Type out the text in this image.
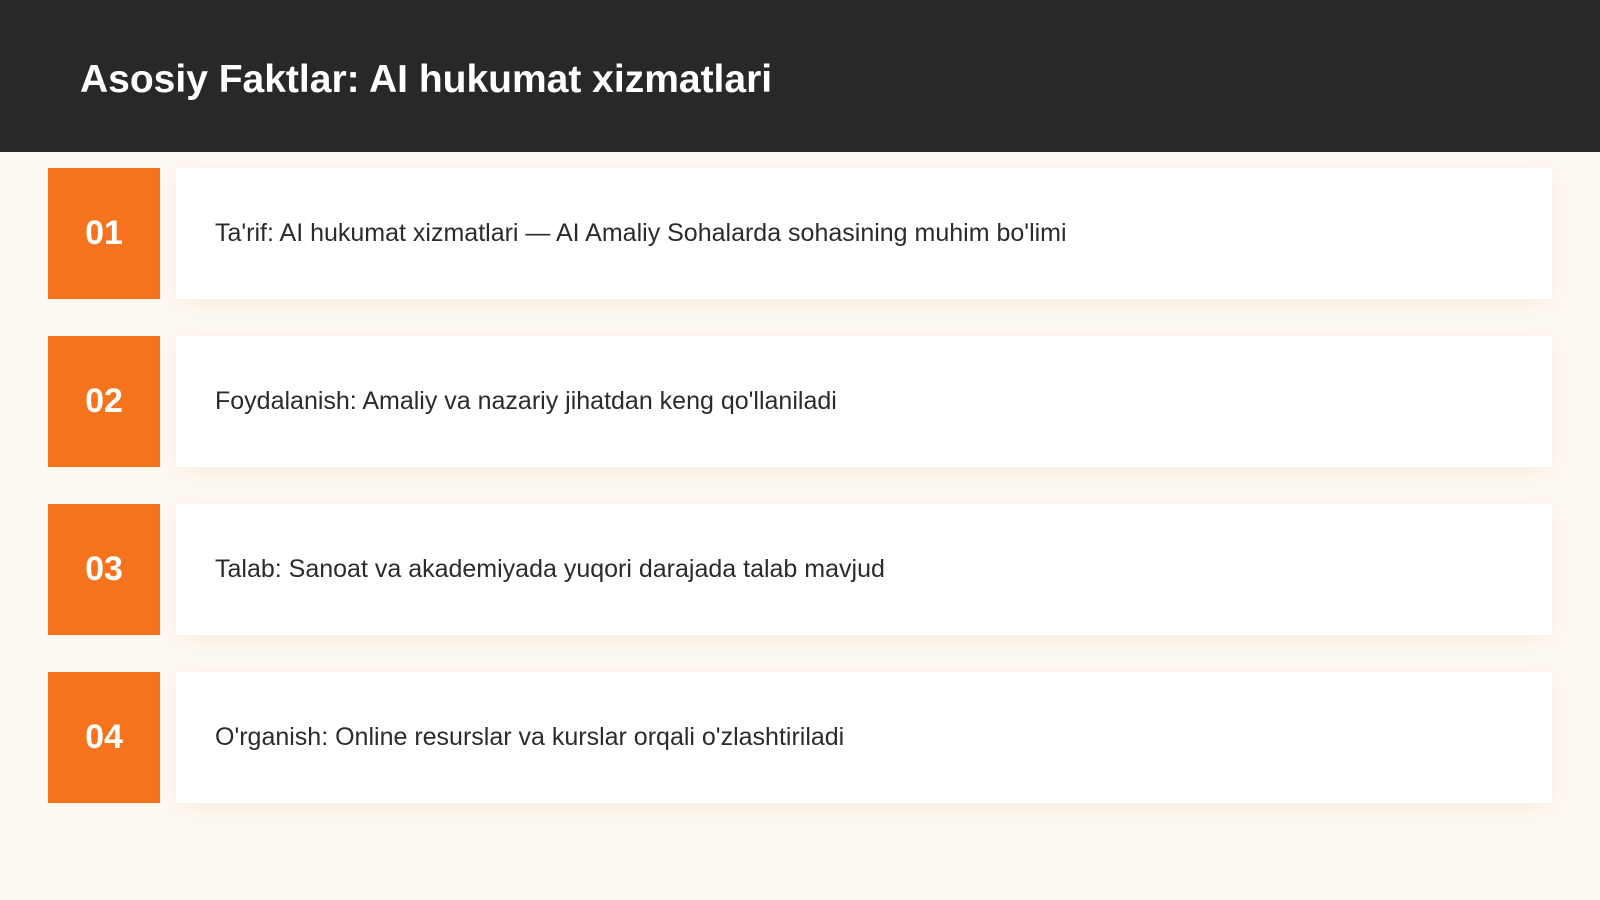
Asosiy Faktlar: AI hukumat xizmatlari
01	Ta'rif: AI hukumat xizmatlari — AI Amaliy Sohalarda sohasining muhim bo'limi
02	Foydalanish: Amaliy va nazariy jihatdan keng qo'llaniladi
03	Talab: Sanoat va akademiyada yuqori darajada talab mavjud
04	O'rganish: Online resurslar va kurslar orqali o'zlashtiriladi
